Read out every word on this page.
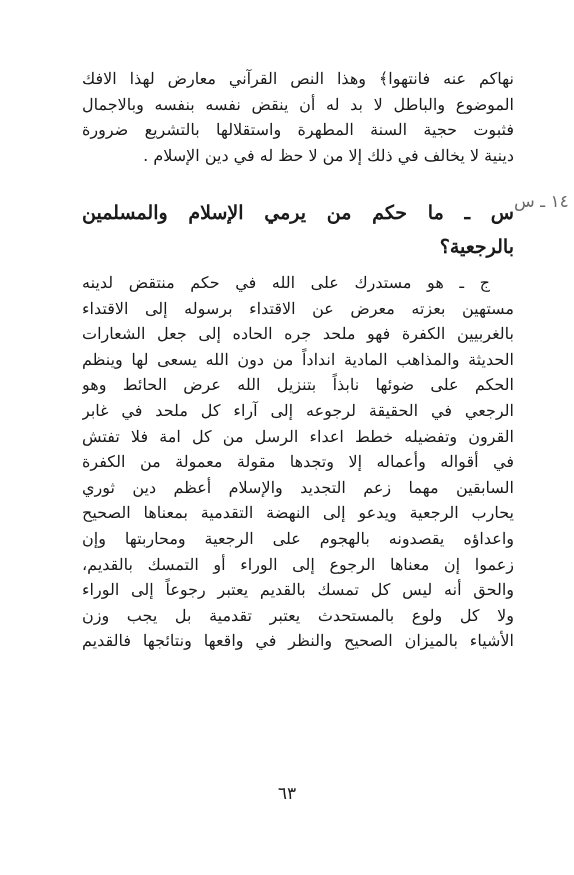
نهاكم عنه فانتهوا﴾ وهذا النص القرآني معارض لهذا الافك
الموضوع والباطل لا بد له أن ينقض نفسه بنفسه وبالاجمال
فثبوت حجية السنة المطهرة واستقلالها بالتشريع ضرورة
دينية لا يخالف في ذلك إلا من لا حظ له في دين الإسلام .
١٤ ـ س
س ـ ما حكم من يرمي الإسلام والمسلمين
بالرجعية؟
ج ـ هو مستدرك على الله في حكم منتقض لدينه
مستهين بعزته معرض عن الاقتداء برسوله إلى الاقتداء
بالغربيين الكفرة فهو ملحد جره الحاده إلى جعل الشعارات
الحديثة والمذاهب المادية انداداً من دون الله يسعى لها وينظم
الحكم على ضوئها نابذاً بتنزيل الله عرض الحائط وهو
الرجعي في الحقيقة لرجوعه إلى آراء كل ملحد في غابر
القرون وتفضيله خطط اعداء الرسل من كل امة فلا تفتش
في أقواله وأعماله إلا وتجدها مقولة معمولة من الكفرة
السابقين مهما زعم التجديد والإسلام أعظم دين ثوري
يحارب الرجعية ويدعو إلى النهضة التقدمية بمعناها الصحيح
واعداؤه يقصدونه بالهجوم على الرجعية ومحاربتها وإن
زعموا إن معناها الرجوع إلى الوراء أو التمسك بالقديم،
والحق أنه ليس كل تمسك بالقديم يعتبر رجوعاً إلى الوراء
ولا كل ولوع بالمستحدث يعتبر تقدمية بل يجب وزن
الأشياء بالميزان الصحيح والنظر في واقعها ونتائجها فالقديم
٦٣
